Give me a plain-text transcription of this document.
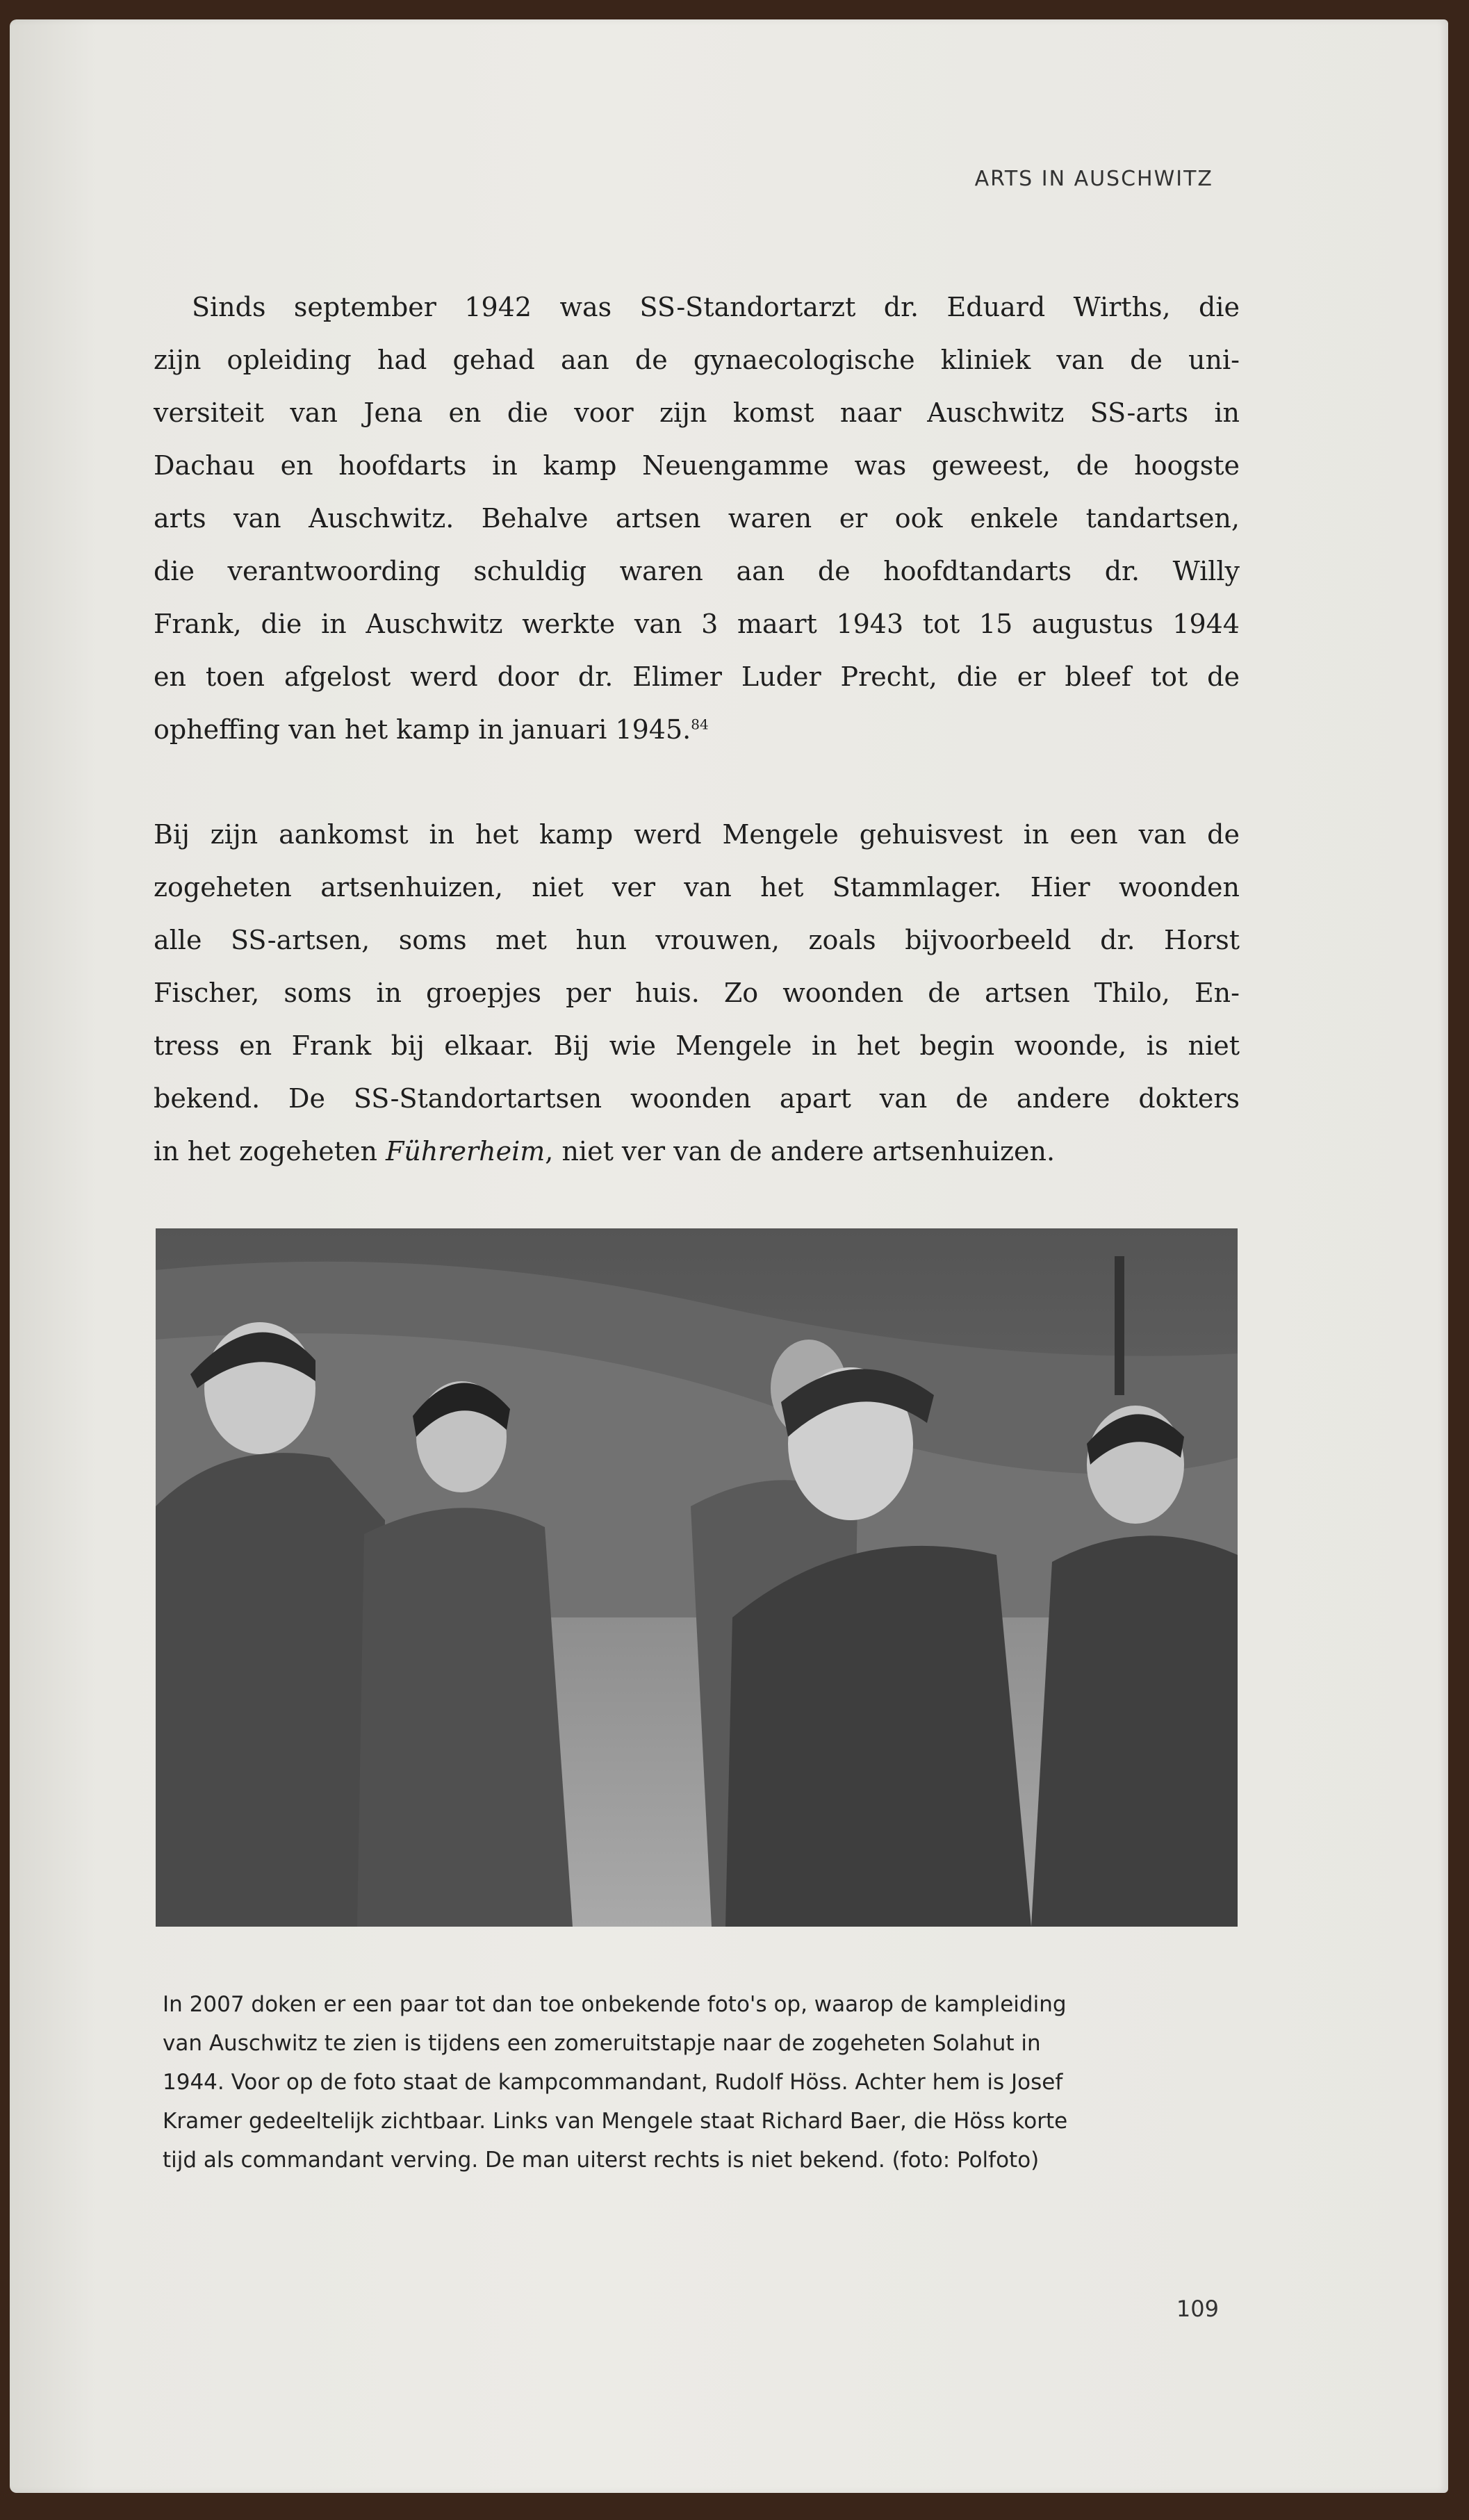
ARTS IN AUSCHWITZ

Sinds september 1942 was SS-Standortarzt dr. Eduard Wirths, die
zijn opleiding had gehad aan de gynaecologische kliniek van de uni-
versiteit van Jena en die voor zijn komst naar Auschwitz SS-arts in
Dachau en hoofdarts in kamp Neuengamme was geweest, de hoogste
arts van Auschwitz. Behalve artsen waren er ook enkele tandartsen,
die verantwoording schuldig waren aan de hoofdtandarts dr. Willy
Frank, die in Auschwitz werkte van 3 maart 1943 tot 15 augustus 1944
en toen afgelost werd door dr. Elimer Luder Precht, die er bleef tot de
opheffing van het kamp in januari 1945.84

Bij zijn aankomst in het kamp werd Mengele gehuisvest in een van de
zogeheten artsenhuizen, niet ver van het Stammlager. Hier woonden
alle SS-artsen, soms met hun vrouwen, zoals bijvoorbeeld dr. Horst
Fischer, soms in groepjes per huis. Zo woonden de artsen Thilo, En-
tress en Frank bij elkaar. Bij wie Mengele in het begin woonde, is niet
bekend. De SS-Standortartsen woonden apart van de andere dokters
in het zogeheten Führerheim, niet ver van de andere artsenhuizen.

In 2007 doken er een paar tot dan toe onbekende foto's op, waarop de kampleiding
van Auschwitz te zien is tijdens een zomeruitstapje naar de zogeheten Solahut in
1944. Voor op de foto staat de kampcommandant, Rudolf Höss. Achter hem is Josef
Kramer gedeeltelijk zichtbaar. Links van Mengele staat Richard Baer, die Höss korte
tijd als commandant verving. De man uiterst rechts is niet bekend. (foto: Polfoto)

109
